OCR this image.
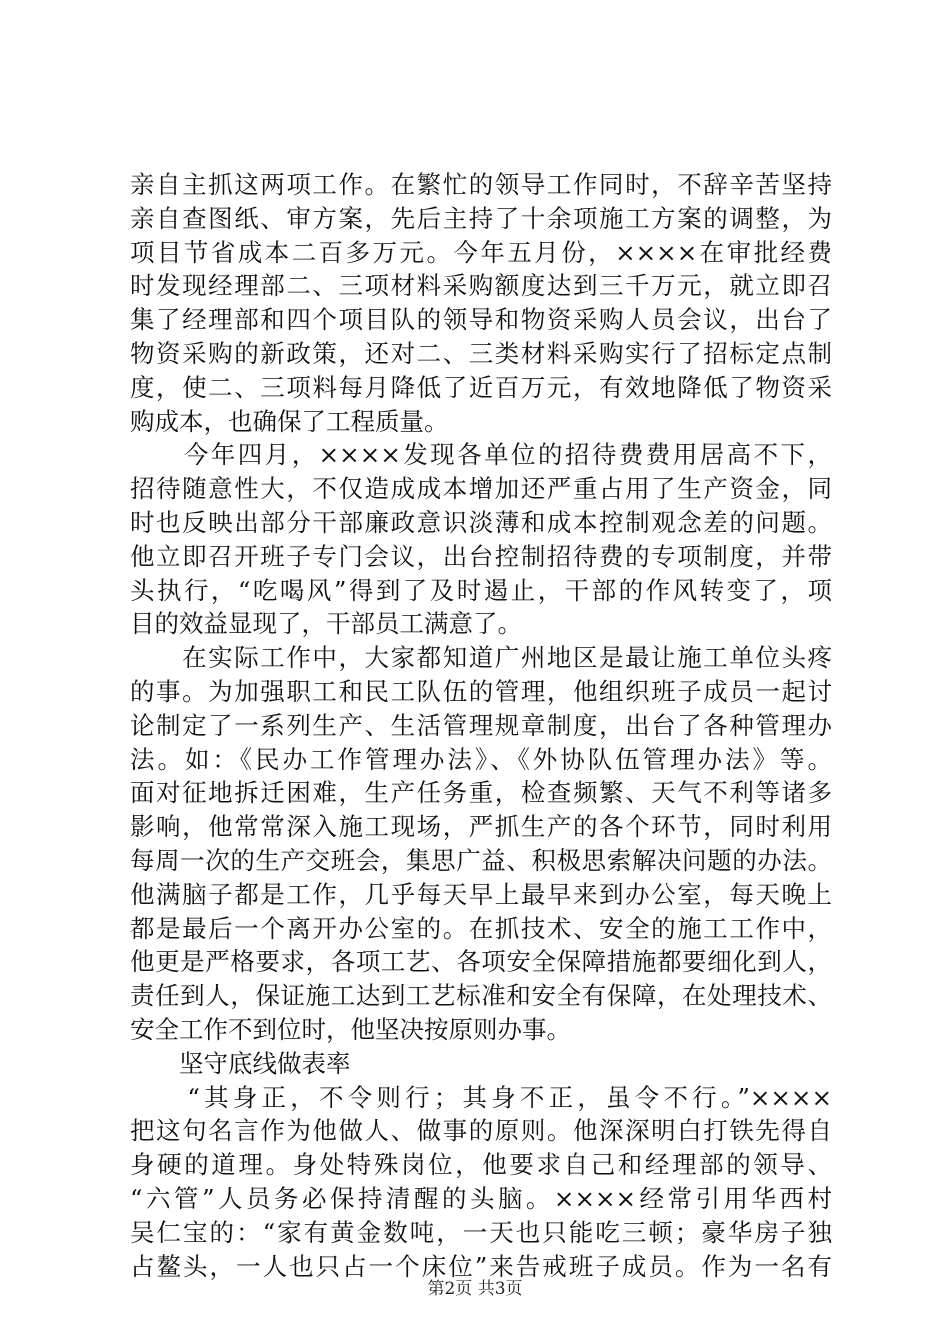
亲自主抓这两项工作。在繁忙的领导工作同时，不辞辛苦坚持
亲自查图纸、审方案，先后主持了十余项施工方案的调整，为
项目节省成本二百多万元。今年五月份，××××在审批经费
时发现经理部二、三项材料采购额度达到三千万元，就立即召
集了经理部和四个项目队的领导和物资采购人员会议，出台了
物资采购的新政策，还对二、三类材料采购实行了招标定点制
度，使二、三项料每月降低了近百万元，有效地降低了物资采
购成本，也确保了工程质量。
　　今年四月，××××发现各单位的招待费费用居高不下，
招待随意性大，不仅造成成本增加还严重占用了生产资金，同
时也反映出部分干部廉政意识淡薄和成本控制观念差的问题。
他立即召开班子专门会议，出台控制招待费的专项制度，并带
头执行，“吃喝风”得到了及时遏止，干部的作风转变了，项
目的效益显现了，干部员工满意了。
　　在实际工作中，大家都知道广州地区是最让施工单位头疼
的事。为加强职工和民工队伍的管理，他组织班子成员一起讨
论制定了一系列生产、生活管理规章制度，出台了各种管理办
法。如：《民办工作管理办法》、《外协队伍管理办法》等。
面对征地拆迁困难，生产任务重，检查频繁、天气不利等诸多
影响，他常常深入施工现场，严抓生产的各个环节，同时利用
每周一次的生产交班会，集思广益、积极思索解决问题的办法。
他满脑子都是工作，几乎每天早上最早来到办公室，每天晚上
都是最后一个离开办公室的。在抓技术、安全的施工工作中，
他更是严格要求，各项工艺、各项安全保障措施都要细化到人，
责任到人，保证施工达到工艺标准和安全有保障，在处理技术、
安全工作不到位时，他坚决按原则办事。
　　坚守底线做表率
　　“其身正，不令则行；其身不正，虽令不行。”××××
把这句名言作为他做人、做事的原则。他深深明白打铁先得自
身硬的道理。身处特殊岗位，他要求自己和经理部的领导、
“六管”人员务必保持清醒的头脑。××××经常引用华西村
吴仁宝的：“家有黄金数吨，一天也只能吃三顿；豪华房子独
占鳌头，一人也只占一个床位”来告戒班子成员。作为一名有
第2页 共3页
